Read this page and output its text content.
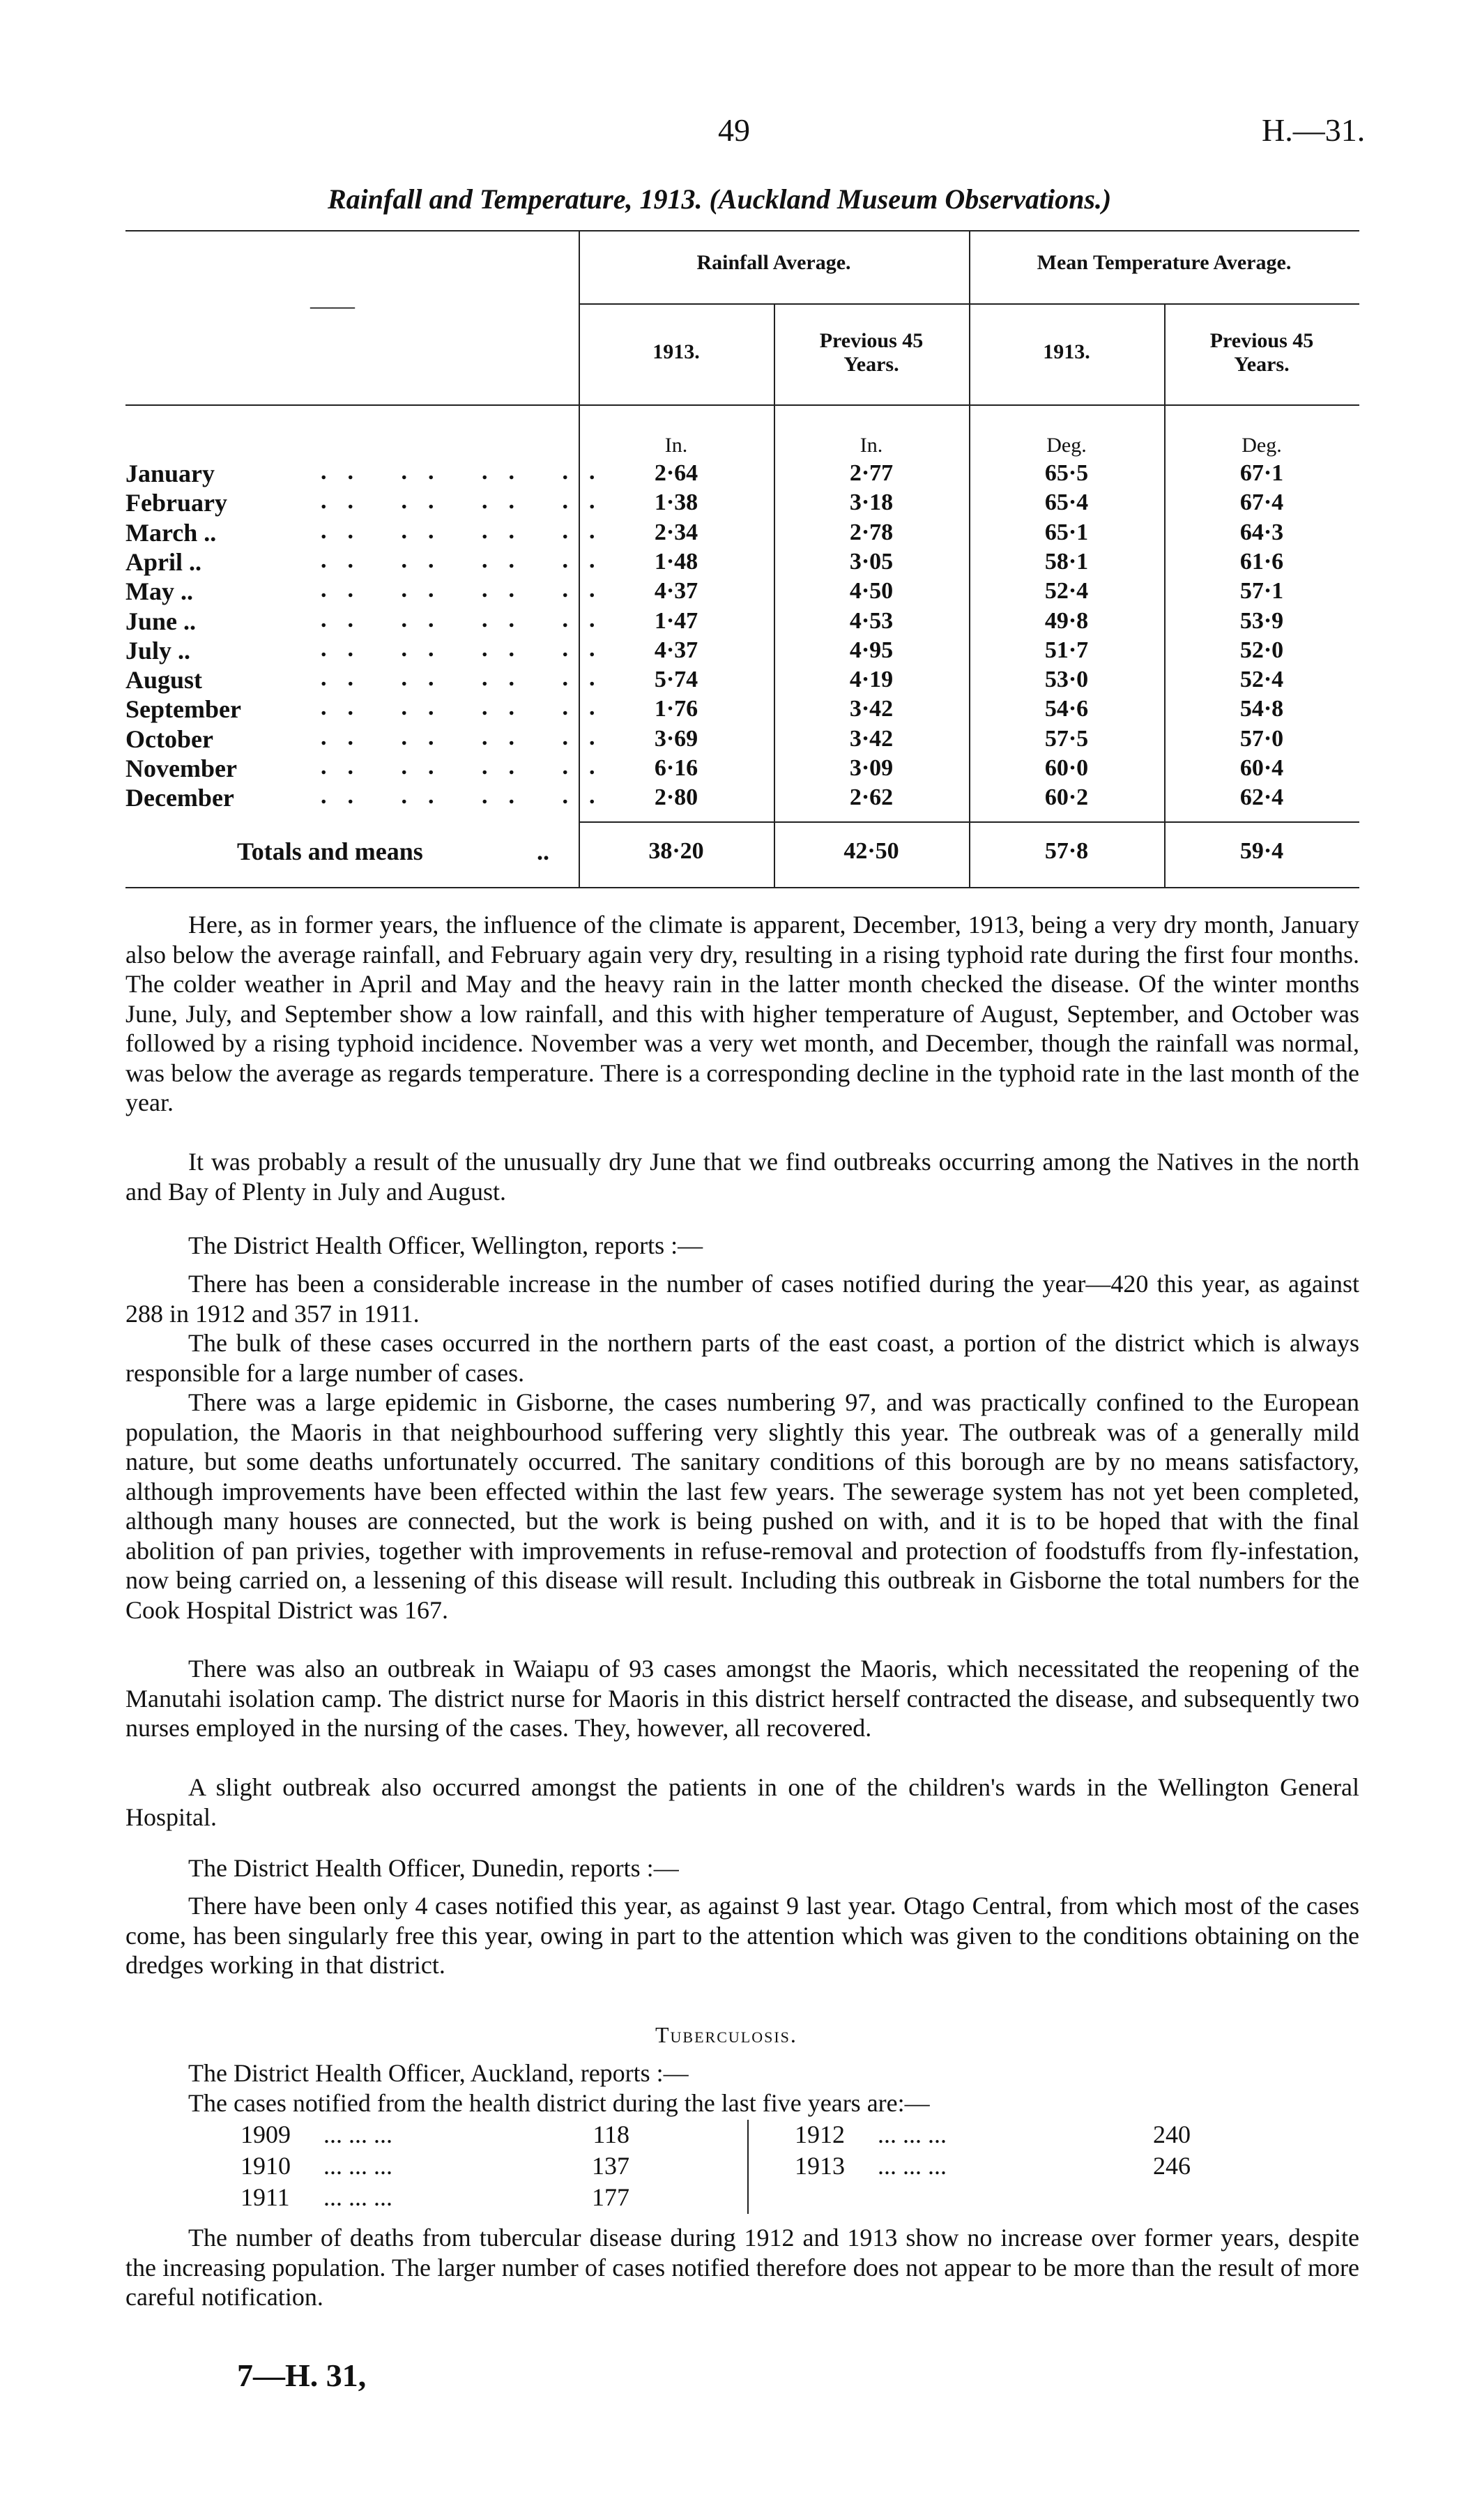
49	H.—31.
Rainfall and Temperature, 1913. (Auckland Museum Observations.)
——
Rainfall Average.	Mean Temperature Average.
1913.	Previous 45 Years.
1913.	Previous 45 Years.
In.	In.	Deg.	Deg.
January	.. .. .. ..	2·64	2·77	65·5	67·1
February	.. .. .. ..	1·38	3·18	65·4	67·4
March ..	.. .. .. ..	2·34	2·78	65·1	64·3
April ..	.. .. .. ..	1·48	3·05	58·1	61·6
May ..	.. .. .. ..	4·37	4·50	52·4	57·1
June ..	.. .. .. ..	1·47	4·53	49·8	53·9
July ..	.. .. .. ..	4·37	4·95	51·7	52·0
August	.. .. .. ..	5·74	4·19	53·0	52·4
September	.. .. .. ..	1·76	3·42	54·6	54·8
October	.. .. .. ..	3·69	3·42	57·5	57·0
November	.. .. .. ..	6·16	3·09	60·0	60·4
December	.. .. .. ..	2·80	2·62	60·2	62·4
Totals and means	..	38·20	42·50	57·8	59·4
Here, as in former years, the influence of the climate is apparent, December, 1913, being a very dry month, January also below the average rainfall, and February again very dry, resulting in a rising typhoid rate during the first four months. The colder weather in April and May and the heavy rain in the latter month checked the disease. Of the winter months June, July, and September show a low rainfall, and this with higher temperature of August, September, and October was followed by a rising typhoid incidence. November was a very wet month, and December, though the rainfall was normal, was below the average as regards temperature. There is a corresponding decline in the typhoid rate in the last month of the year.
It was probably a result of the unusually dry June that we find outbreaks occurring among the Natives in the north and Bay of Plenty in July and August.
The District Health Officer, Wellington, reports :—
There has been a considerable increase in the number of cases notified during the year—420 this year, as against 288 in 1912 and 357 in 1911.
The bulk of these cases occurred in the northern parts of the east coast, a portion of the district which is always responsible for a large number of cases.
There was a large epidemic in Gisborne, the cases numbering 97, and was practically confined to the European population, the Maoris in that neighbourhood suffering very slightly this year. The outbreak was of a generally mild nature, but some deaths unfortunately occurred. The sanitary conditions of this borough are by no means satisfactory, although improvements have been effected within the last few years. The sewerage system has not yet been completed, although many houses are connected, but the work is being pushed on with, and it is to be hoped that with the final abolition of pan privies, together with improvements in refuse-removal and protection of foodstuffs from fly-infestation, now being carried on, a lessening of this disease will result. Including this outbreak in Gisborne the total numbers for the Cook Hospital District was 167.
There was also an outbreak in Waiapu of 93 cases amongst the Maoris, which necessitated the reopening of the Manutahi isolation camp. The district nurse for Maoris in this district herself contracted the disease, and subsequently two nurses employed in the nursing of the cases. They, however, all recovered.
A slight outbreak also occurred amongst the patients in one of the children's wards in the Wellington General Hospital.
The District Health Officer, Dunedin, reports :—
There have been only 4 cases notified this year, as against 9 last year. Otago Central, from which most of the cases come, has been singularly free this year, owing in part to the attention which was given to the conditions obtaining on the dredges working in that district.
Tuberculosis.
The District Health Officer, Auckland, reports :—
The cases notified from the health district during the last five years are:—
1909 ... ... ...	118
1910 ... ... ...	137
1911 ... ... ...	177
1912 ... ... ...	240
1913 ... ... ...	246
The number of deaths from tubercular disease during 1912 and 1913 show no increase over former years, despite the increasing population. The larger number of cases notified therefore does not appear to be more than the result of more careful notification.
7—H. 31,
